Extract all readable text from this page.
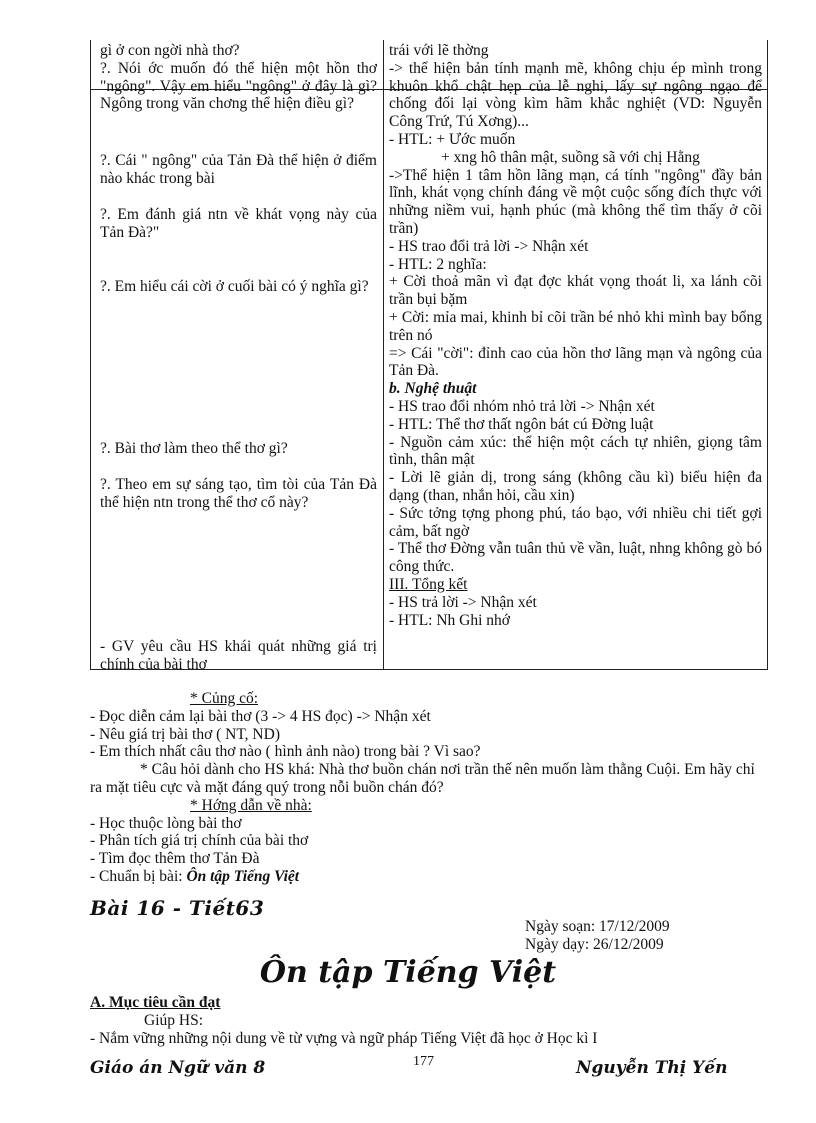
gì ở con ngời nhà thơ?

?. Nói ớc muốn đó thể hiện một hồn thơ "ngông". Vậy em hiểu "ngông" ở đây là gì? Ngông trong văn chơng thể hiện điều gì?

?. Cái " ngông" của Tản Đà thể hiện ở điểm nào khác trong bài

?. Em đánh giá ntn về khát vọng này của Tản Đà?"

?. Em hiểu cái cời ở cuối bài có ý nghĩa gì?

?. Bài thơ làm theo thể thơ gì?

?. Theo em sự sáng tạo, tìm tòi của Tản Đà thể hiện ntn trong thể thơ cổ này?

- GV yêu cầu HS khái quát những giá trị chính của bài thơ

trái với lẽ thờng

-> thể hiện bản tính mạnh mẽ, không chịu ép mình trong khuôn khổ chật hẹp của lễ nghi, lấy sự ngông ngạo để chống đối lại vòng kìm hãm khắc nghiệt (VD: Nguyễn Công Trứ, Tú Xơng)...

- HTL: + Ước muốn

+ xng hô thân mật, suồng sã với chị Hằng

->Thể hiện 1 tâm hồn lãng mạn, cá tính "ngông" đầy bản lĩnh, khát vọng chính đáng về một cuộc sống đích thực với những niềm vui, hạnh phúc (mà không thể tìm thấy ở cõi trần)

- HS trao đổi trả lời -> Nhận xét

- HTL: 2 nghĩa:

+ Cời thoả mãn vì đạt đợc khát vọng thoát li, xa lánh cõi trần bụi bặm

+ Cời: mỉa mai, khinh bỉ cõi trần bé nhỏ khi mình bay bổng trên nó

=> Cái "cời": đỉnh cao của hồn thơ lãng mạn và ngông của Tản Đà.

b. Nghệ thuật

- HS trao đổi nhóm nhỏ trả lời -> Nhận xét

- HTL: Thể thơ thất ngôn bát cú Đờng luật

- Nguồn cảm xúc: thể hiện một cách tự nhiên, giọng tâm tình, thân mật

- Lời lẽ giản dị, trong sáng (không cầu kì) biểu hiện đa dạng (than, nhắn hỏi, cầu xin)

- Sức tởng tợng phong phú, táo bạo, với nhiều chi tiết gợi cảm, bất ngờ

- Thể thơ Đờng vẫn tuân thủ về vần, luật, nhng không gò bó công thức.

III. Tổng kết

- HS trả lời -> Nhận xét

- HTL: Nh Ghi nhớ

* Củng cố:

- Đọc diễn cảm lại bài thơ (3 -> 4 HS đọc) -> Nhận xét

- Nêu giá trị bài thơ ( NT, ND)

- Em thích nhất câu thơ nào ( hình ảnh nào) trong bài ? Vì sao?

* Câu hỏi dành cho HS khá: Nhà thơ buồn chán nơi trần thế nên muốn làm thằng Cuội. Em hãy chỉ ra mặt tiêu cực và mặt đáng quý trong nỗi buồn chán đó?

* Hớng dẫn về nhà:

- Học thuộc lòng bài thơ

- Phân tích giá trị chính của bài thơ

- Tìm đọc thêm thơ Tản Đà

- Chuẩn bị bài: Ôn tập Tiếng Việt

Bài 16 - Tiết63

Ngày soạn: 17/12/2009

Ngày dạy: 26/12/2009

Ôn tập Tiếng Việt

A. Mục tiêu cần đạt

Giúp HS:

- Nắm vững những nội dung về từ vựng và ngữ pháp Tiếng Việt đã học ở Học kì I

Giáo án Ngữ văn 8	177	Nguyễn Thị Yến
